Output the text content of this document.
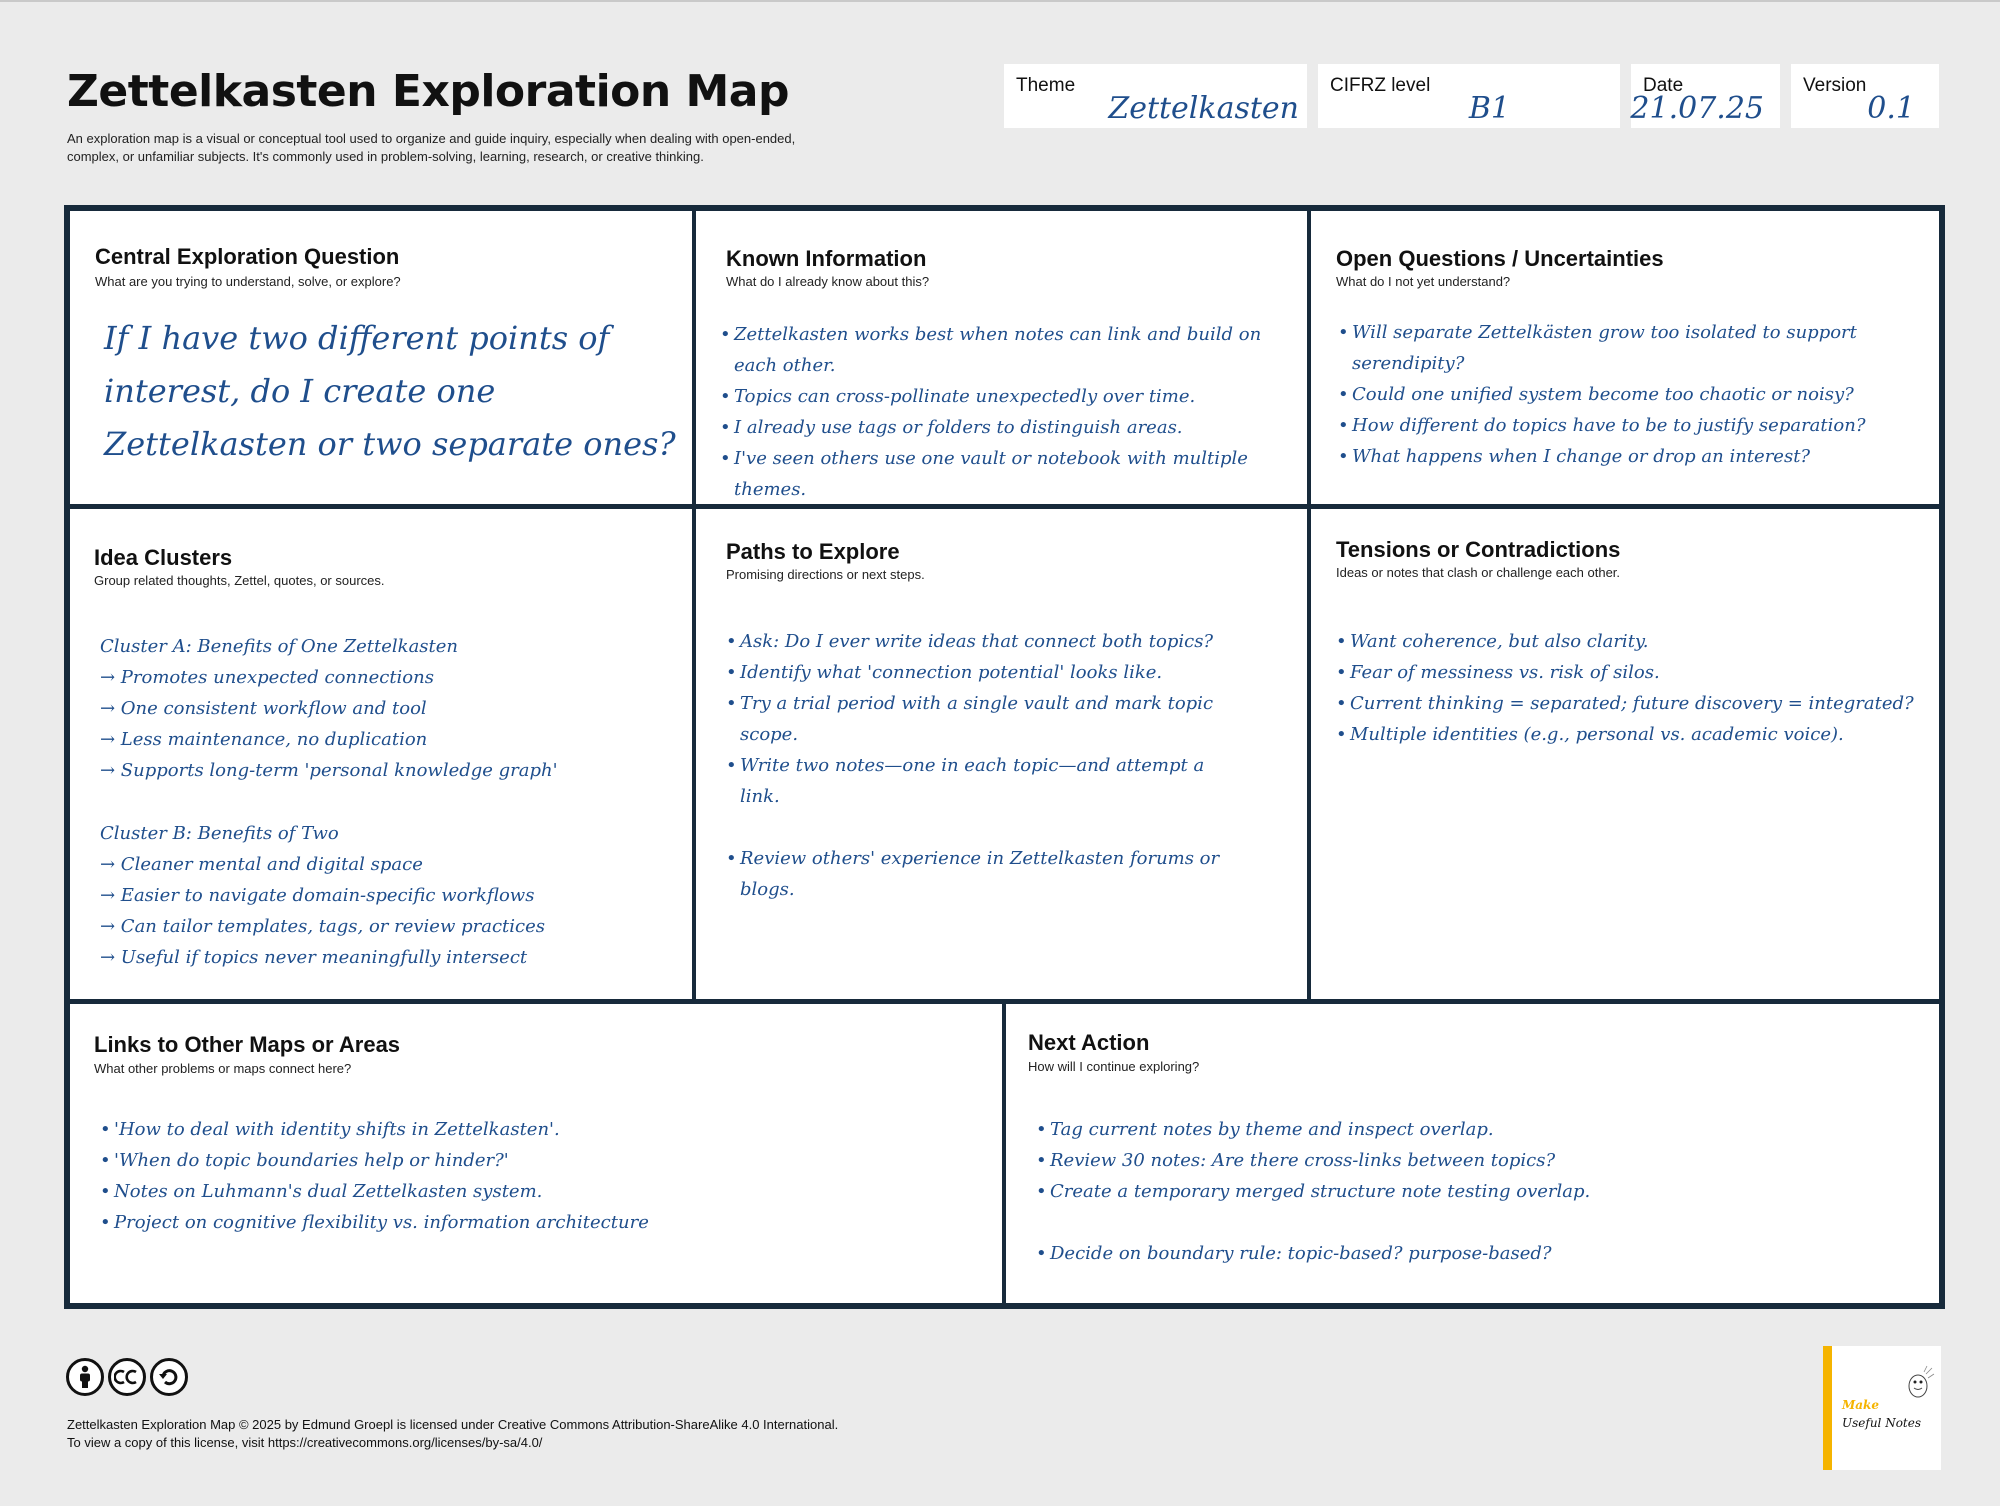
Zettelkasten Exploration Map

An exploration map is a visual or conceptual tool used to organize and guide inquiry, especially when dealing with open-ended, complex, or unfamiliar subjects. It's commonly used in problem-solving, learning, research, or creative thinking.

Theme
Zettelkasten
CIFRZ level
B1
Date
21.07.25
Version
0.1
Central Exploration Question
What are you trying to understand, solve, or explore?

If I have two different points of interest, do I create one Zettelkasten or two separate ones?

Known Information
What do I already know about this?
• Zettelkasten works best when notes can link and build on each other.
• Topics can cross-pollinate unexpectedly over time.
• I already use tags or folders to distinguish areas.
• I've seen others use one vault or notebook with multiple themes.
Open Questions / Uncertainties
What do I not yet understand?
• Will separate Zettelkästen grow too isolated to support serendipity?
• Could one unified system become too chaotic or noisy?
• How different do topics have to be to justify separation?
• What happens when I change or drop an interest?
Idea Clusters
Group related thoughts, Zettel, quotes, or sources.
Cluster A: Benefits of One Zettelkasten
→ Promotes unexpected connections
→ One consistent workflow and tool
→ Less maintenance, no duplication
→ Supports long-term 'personal knowledge graph'
Cluster B: Benefits of Two
→ Cleaner mental and digital space
→ Easier to navigate domain-specific workflows
→ Can tailor templates, tags, or review practices
→ Useful if topics never meaningfully intersect
Paths to Explore
Promising directions or next steps.
• Ask: Do I ever write ideas that connect both topics?
• Identify what 'connection potential' looks like.
• Try a trial period with a single vault and mark topic scope.
• Write two notes—one in each topic—and attempt a link.
• Review others' experience in Zettelkasten forums or blogs.
Tensions or Contradictions
Ideas or notes that clash or challenge each other.
• Want coherence, but also clarity.
• Fear of messiness vs. risk of silos.
• Current thinking = separated; future discovery = integrated?
• Multiple identities (e.g., personal vs. academic voice).
Links to Other Maps or Areas
What other problems or maps connect here?
• 'How to deal with identity shifts in Zettelkasten'.
• 'When do topic boundaries help or hinder?'
• Notes on Luhmann's dual Zettelkasten system.
• Project on cognitive flexibility vs. information architecture
Next Action
How will I continue exploring?
• Tag current notes by theme and inspect overlap.
• Review 30 notes: Are there cross-links between topics?
• Create a temporary merged structure note testing overlap.
• Decide on boundary rule: topic-based? purpose-based?
Zettelkasten Exploration Map © 2025 by Edmund Groepl is licensed under Creative Commons Attribution-ShareAlike 4.0 International.
To view a copy of this license, visit https://creativecommons.org/licenses/by-sa/4.0/
Make
Useful Notes
